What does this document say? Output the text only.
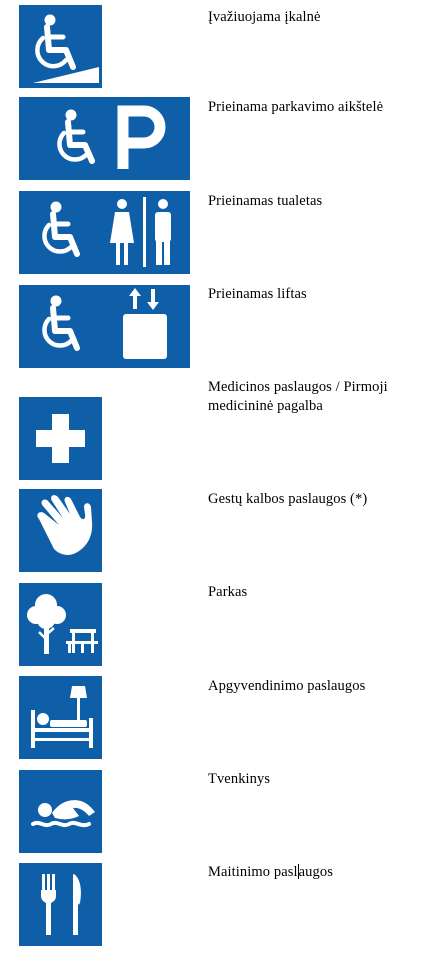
Įvažiuojama įkalnė
Prieinama parkavimo aikštelė
Prieinamas tualetas
Prieinamas liftas
Medicinos paslaugos / Pirmoji medicininė pagalba
Gestų kalbos paslaugos (*)
Parkas
Apgyvendinimo paslaugos
Tvenkinys
Maitinimo paslaugos
